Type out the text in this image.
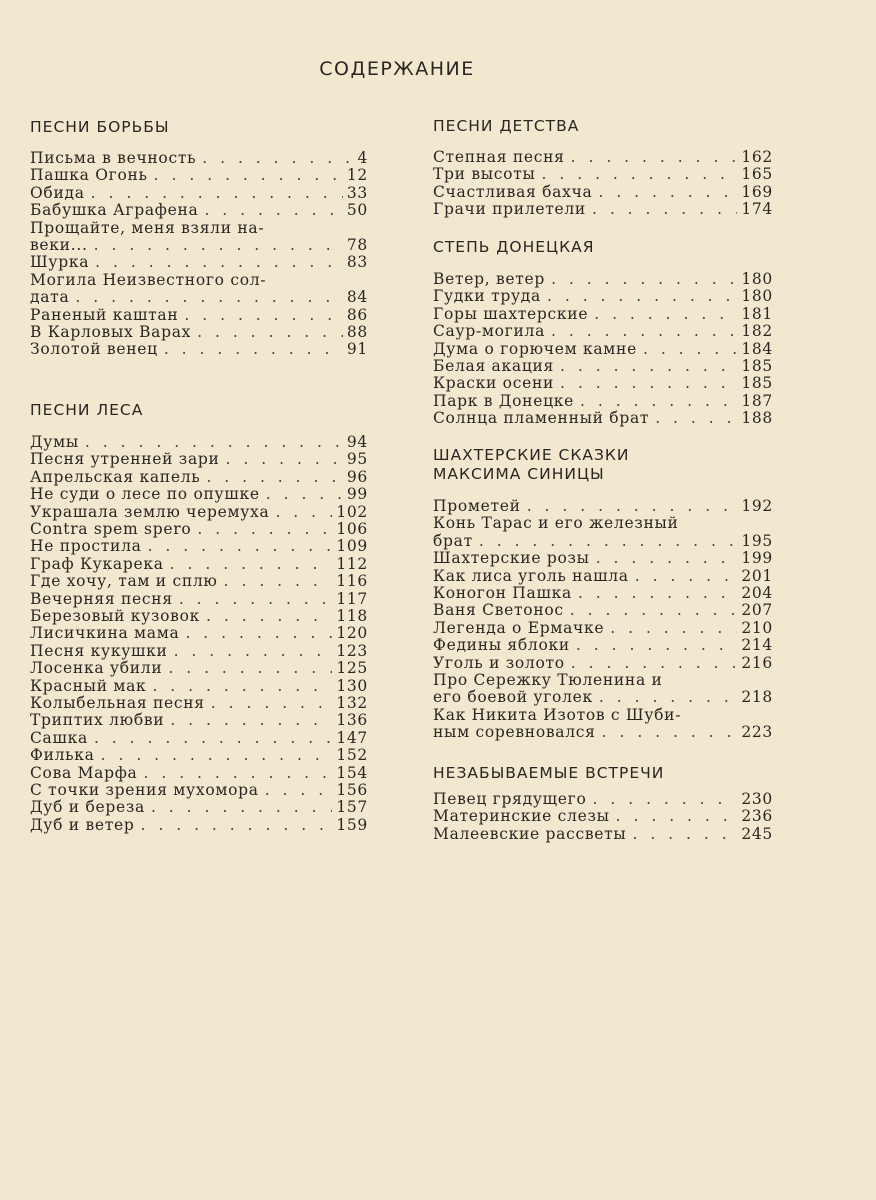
СОДЕРЖАНИЕ
ПЕСНИ БОРЬБЫ
Письма в вечность . . .	4
Пашка Огонь . . .	12
Обида . . .	33
Бабушка Аграфена . . .	50
Прощайте, меня взяли на-
веки... . . .	78
Шурка . . .	83
Могила Неизвестного сол-
дата . . .	84
Раненый каштан . . .	86
В Карловых Варах . . .	88
Золотой венец . . .	91
ПЕСНИ ЛЕСА
Думы . . .	94
Песня утренней зари . . .	95
Апрельская капель . . .	96
Не суди о лесе по опушке . . .	99
Украшала землю черемуха . . .	102
Contra spem spero . . .	106
Не простила . . .	109
Граф Кукарека . . .	112
Где хочу, там и сплю . . .	116
Вечерняя песня . . .	117
Березовый кузовок . . .	118
Лисичкина мама . . .	120
Песня кукушки . . .	123
Лосенка убили . . .	125
Красный мак . . .	130
Колыбельная песня . . .	132
Триптих любви . . .	136
Сашка . . .	147
Филька . . .	152
Сова Марфа . . .	154
С точки зрения мухомора . . .	156
Дуб и береза . . .	157
Дуб и ветер . . .	159
ПЕСНИ ДЕТСТВА
Степная песня . . .	162
Три высоты . . .	165
Счастливая бахча . . .	169
Грачи прилетели . . .	174
СТЕПЬ ДОНЕЦКАЯ
Ветер, ветер . . .	180
Гудки труда . . .	180
Горы шахтерские . . .	181
Саур-могила . . .	182
Дума о горючем камне . . .	184
Белая акация . . .	185
Краски осени . . .	185
Парк в Донецке . . .	187
Солнца пламенный брат . . .	188
ШАХТЕРСКИЕ СКАЗКИ
МАКСИМА СИНИЦЫ
Прометей . . .	192
Конь Тарас и его железный
брат . . .	195
Шахтерские розы . . .	199
Как лиса уголь нашла . . .	201
Коногон Пашка . . .	204
Ваня Светонос . . .	207
Легенда о Ермачке . . .	210
Федины яблоки . . .	214
Уголь и золото . . .	216
Про Сережку Тюленина и
его боевой уголек . . .	218
Как Никита Изотов с Шуби-
ным соревновался . . .	223
НЕЗАБЫВАЕМЫЕ ВСТРЕЧИ
Певец грядущего . . .	230
Материнские слезы . . .	236
Малеевские рассветы . . .	245
